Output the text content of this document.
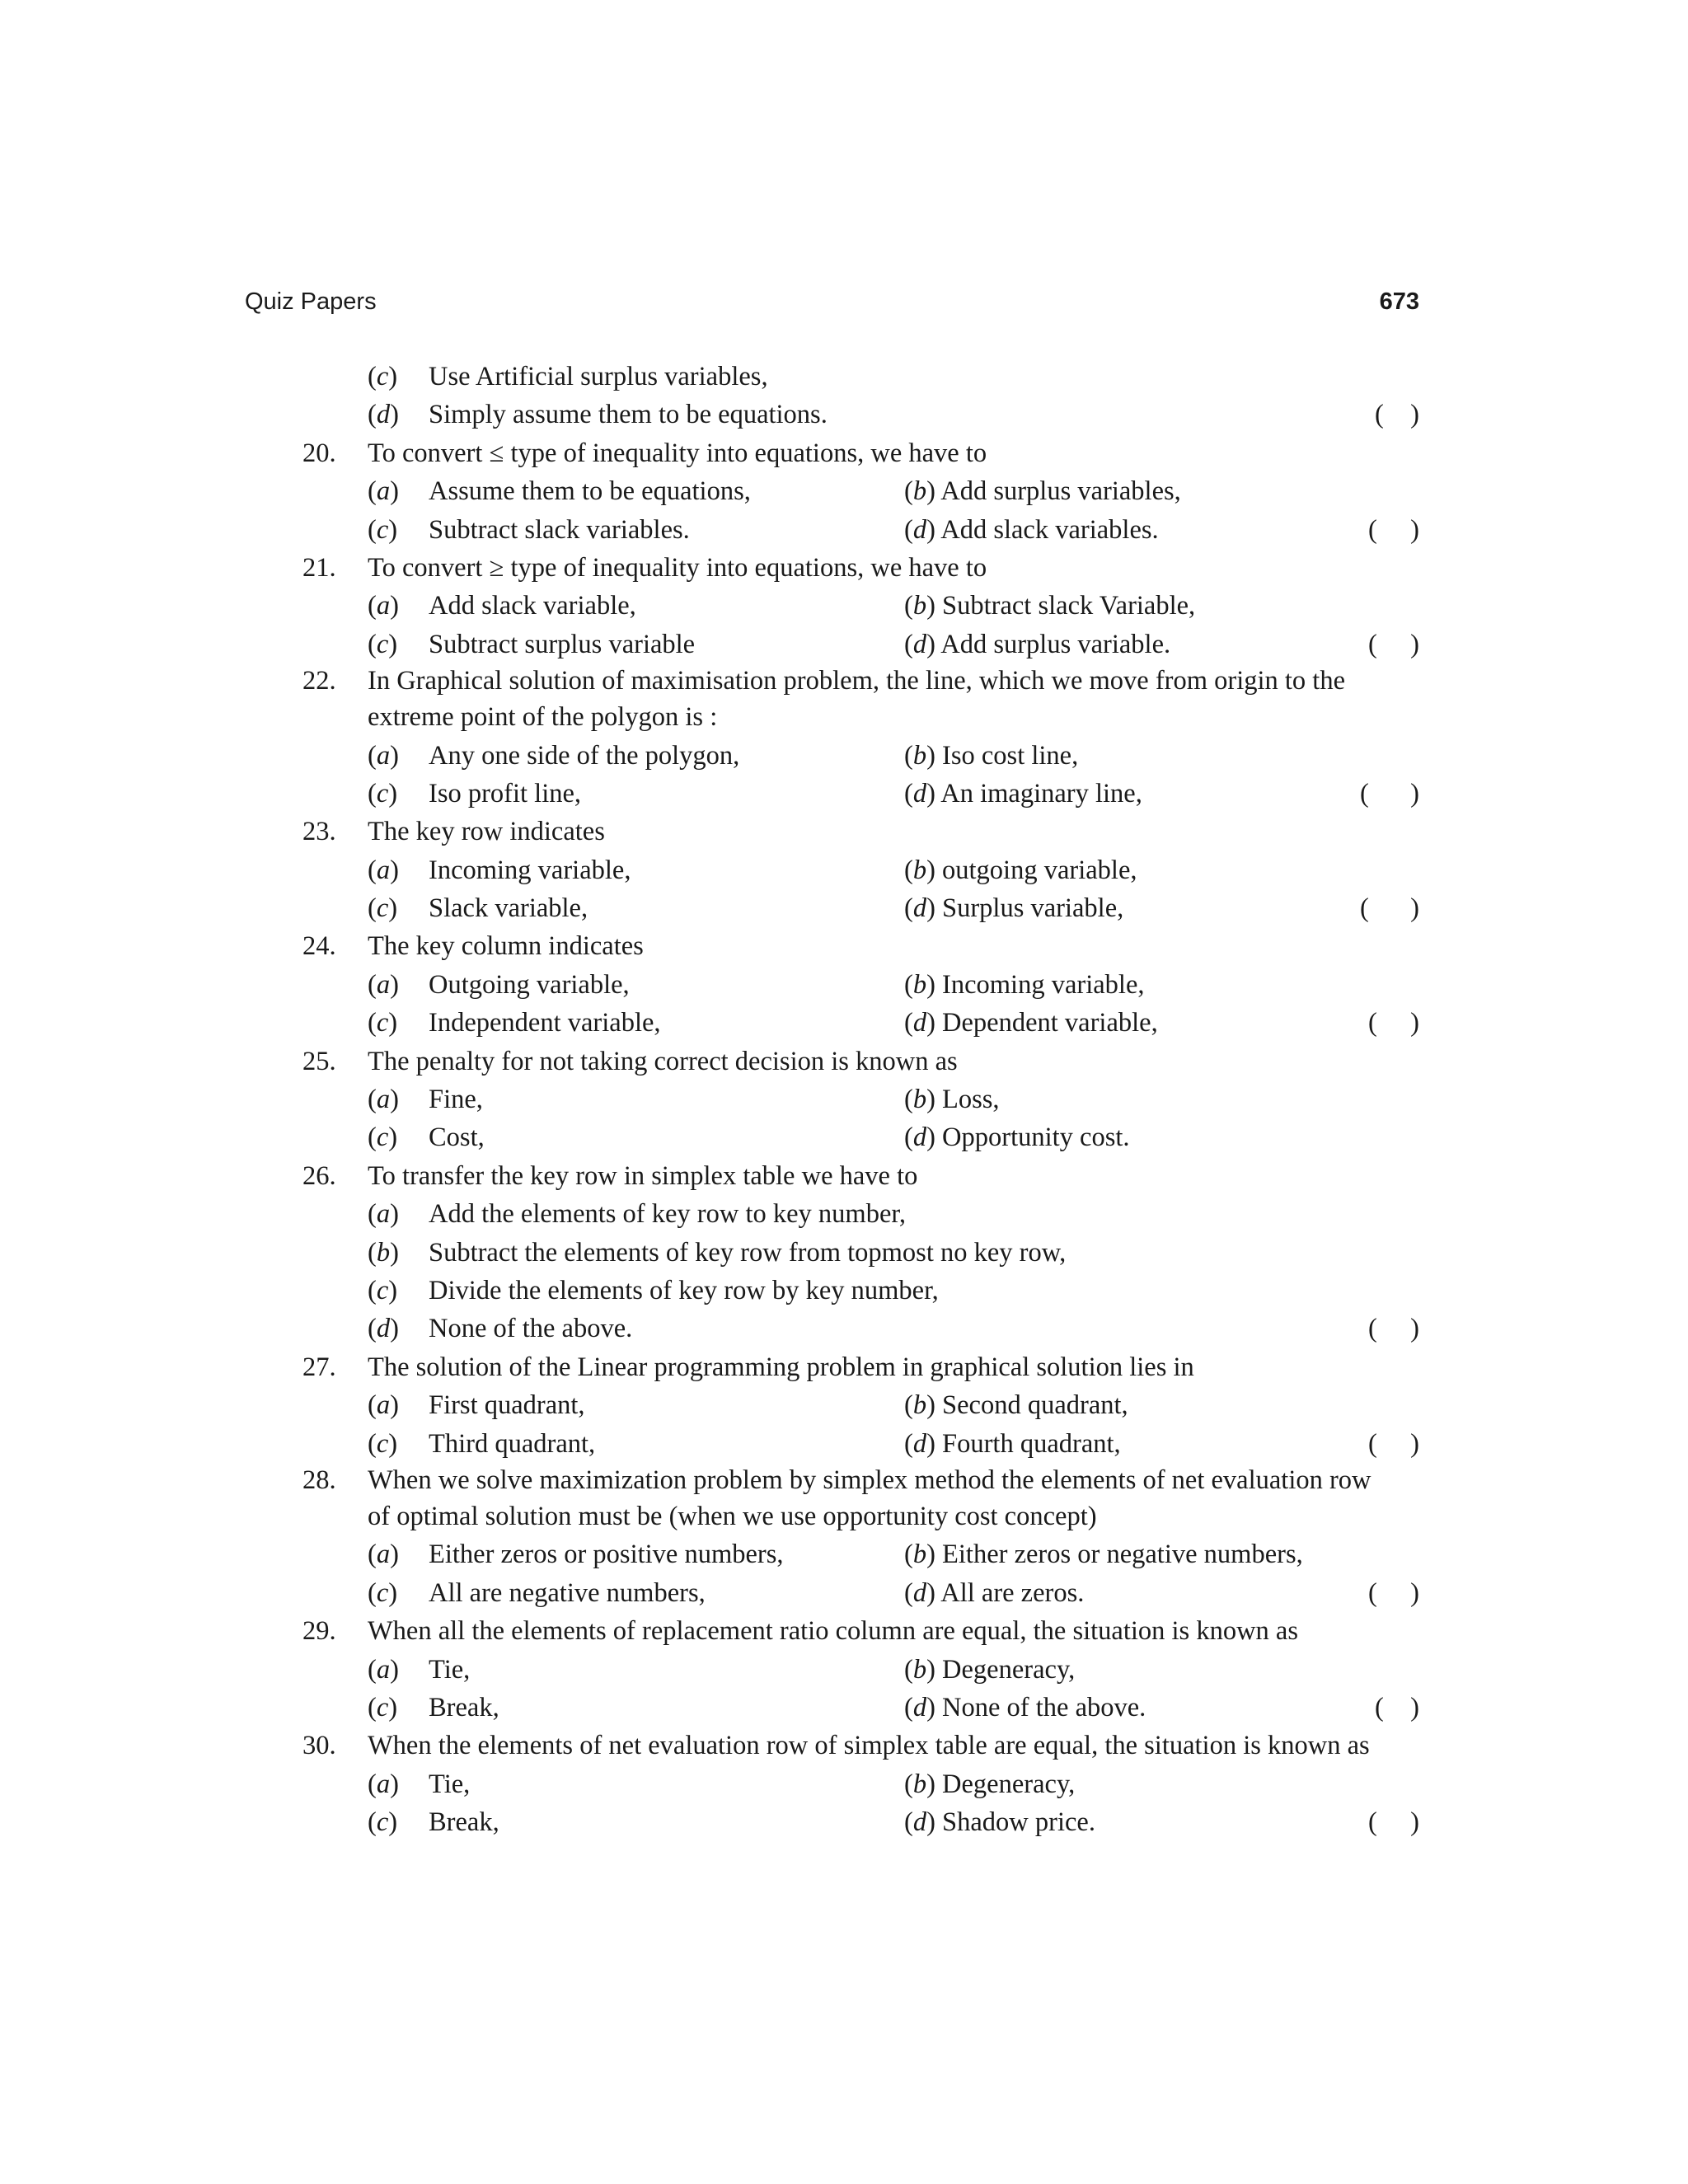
Quiz Papers	673
(c) Use Artificial surplus variables,
(d) Simply assume them to be equations.	( )
20. To convert ≤ type of inequality into equations, we have to
(a) Assume them to be equations,	(b) Add surplus variables,
(c) Subtract slack variables.	(d) Add slack variables.	( )
21. To convert ≥ type of inequality into equations, we have to
(a) Add slack variable,	(b) Subtract slack Variable,
(c) Subtract surplus variable	(d) Add surplus variable.	( )
22. In Graphical solution of maximisation problem, the line, which we move from origin to the
extreme point of the polygon is :
(a) Any one side of the polygon,	(b) Iso cost line,
(c) Iso profit line,	(d) An imaginary line,	( )
23. The key row indicates
(a) Incoming variable,	(b) outgoing variable,
(c) Slack variable,	(d) Surplus variable,	( )
24. The key column indicates
(a) Outgoing variable,	(b) Incoming variable,
(c) Independent variable,	(d) Dependent variable,	( )
25. The penalty for not taking correct decision is known as
(a) Fine,	(b) Loss,
(c) Cost,	(d) Opportunity cost.
26. To transfer the key row in simplex table we have to
(a) Add the elements of key row to key number,
(b) Subtract the elements of key row from topmost no key row,
(c) Divide the elements of key row by key number,
(d) None of the above.	( )
27. The solution of the Linear programming problem in graphical solution lies in
(a) First quadrant,	(b) Second quadrant,
(c) Third quadrant,	(d) Fourth quadrant,	( )
28. When we solve maximization problem by simplex method the elements of net evaluation row
of optimal solution must be (when we use opportunity cost concept)
(a) Either zeros or positive numbers,	(b) Either zeros or negative numbers,
(c) All are negative numbers,	(d) All are zeros.	( )
29. When all the elements of replacement ratio column are equal, the situation is known as
(a) Tie,	(b) Degeneracy,
(c) Break,	(d) None of the above.	( )
30. When the elements of net evaluation row of simplex table are equal, the situation is known as
(a) Tie,	(b) Degeneracy,
(c) Break,	(d) Shadow price.	( )
